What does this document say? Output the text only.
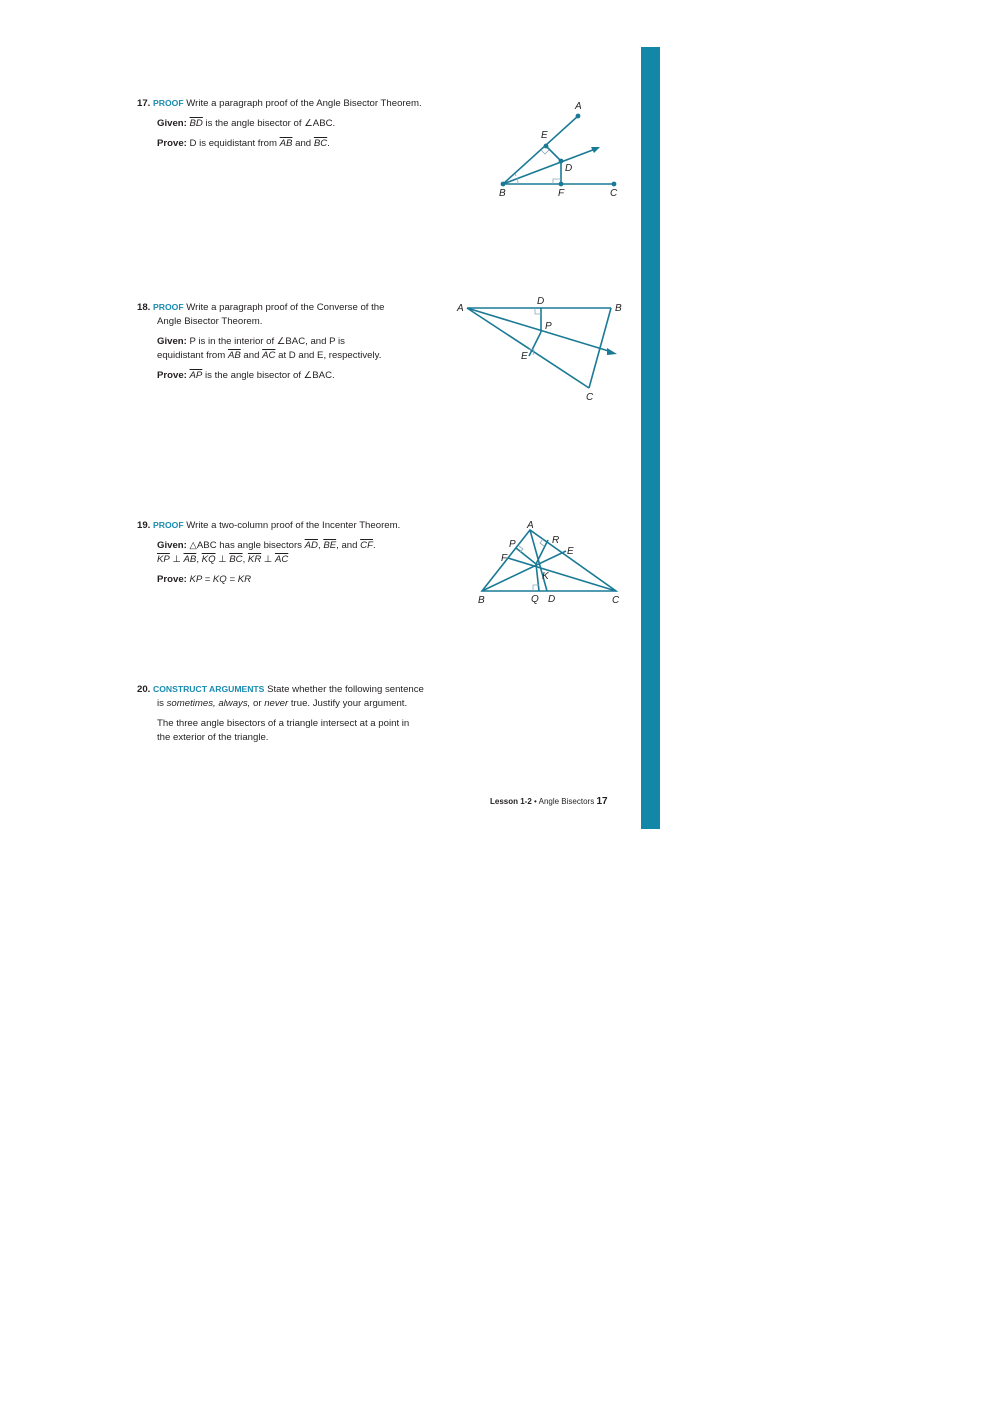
17. PROOF Write a paragraph proof of the Angle Bisector Theorem.
Given: $\overline{BD}$ is the angle bisector of ∠ABC.
Prove: D is equidistant from $\overline{AB}$ and $\overline{BC}$.
A
E
D
B	F	C
18. PROOF Write a paragraph proof of the Converse of the
Angle Bisector Theorem.
Given: P is in the interior of ∠BAC, and P is
equidistant from $\overline{AB}$ and $\overline{AC}$ at D and E, respectively.
Prove: $\overline{AP}$ is the angle bisector of ∠BAC.
A
D
B
P
E
C
19. PROOF Write a two-column proof of the Incenter Theorem.
Given: △ABC has angle bisectors $\overline{AD}$, $\overline{BE}$, and $\overline{CF}$.
$\overline{KP}$ ⊥ $\overline{AB}$, $\overline{KQ}$ ⊥ $\overline{BC}$, $\overline{KR}$ ⊥ $\overline{AC}$
Prove: KP = KQ = KR
A
P	R
E
F
K
B	Q D	C
20. CONSTRUCT ARGUMENTS State whether the following sentence
is sometimes, always, or never true. Justify your argument.
The three angle bisectors of a triangle intersect at a point in
the exterior of the triangle.
Lesson 1-2 • Angle Bisectors 17
